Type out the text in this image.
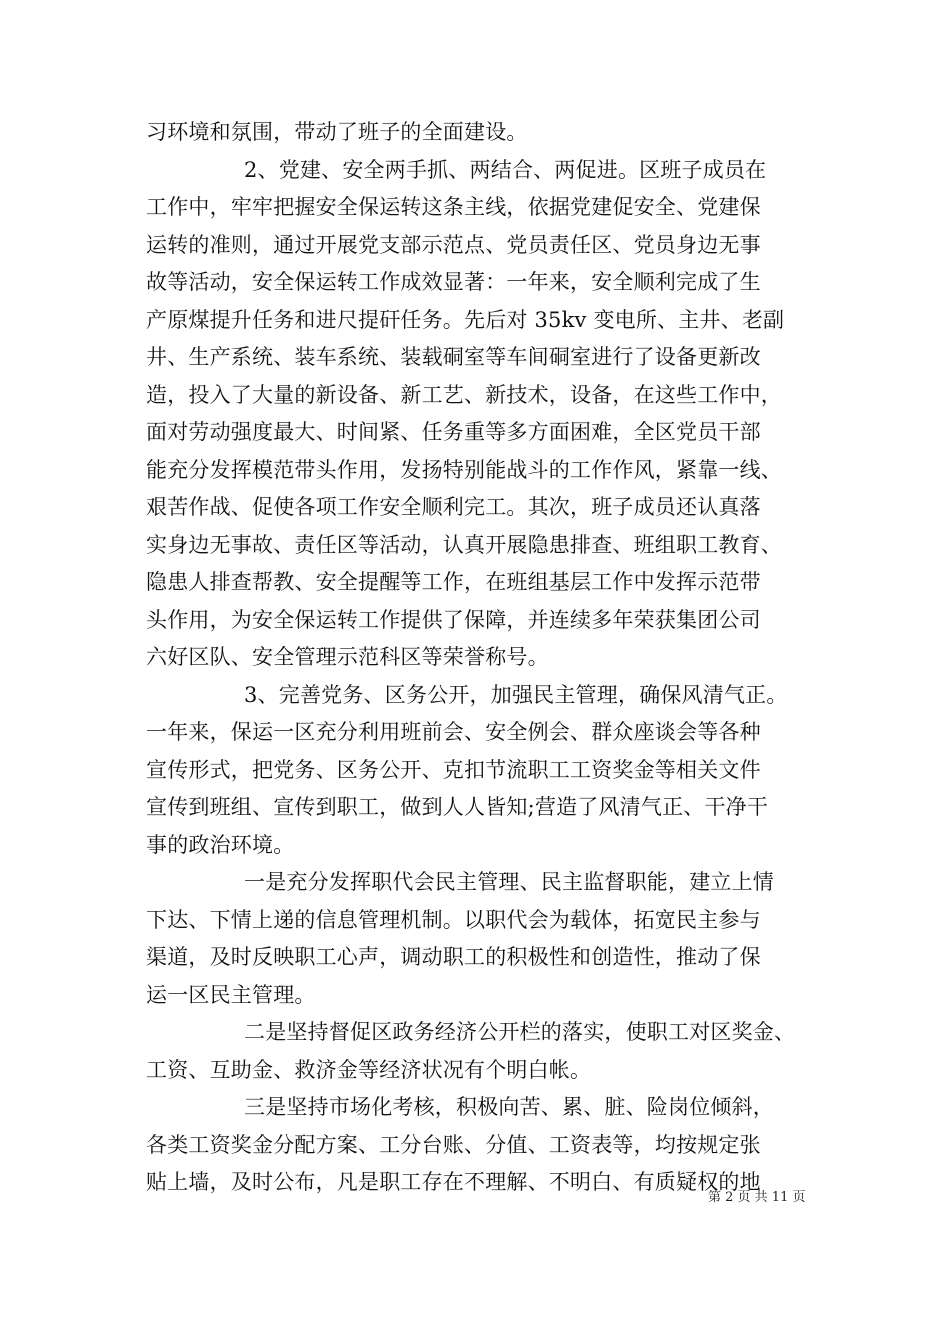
习环境和氛围，带动了班子的全面建设。
2、党建、安全两手抓、两结合、两促进。区班子成员在
工作中，牢牢把握安全保运转这条主线，依据党建促安全、党建保
运转的准则，通过开展党支部示范点、党员责任区、党员身边无事
故等活动，安全保运转工作成效显著：一年来，安全顺利完成了生
产原煤提升任务和进尺提矸任务。先后对 35kv 变电所、主井、老副
井、生产系统、装车系统、装载硐室等车间硐室进行了设备更新改
造，投入了大量的新设备、新工艺、新技术，设备，在这些工作中，
面对劳动强度最大、时间紧、任务重等多方面困难，全区党员干部
能充分发挥模范带头作用，发扬特别能战斗的工作作风，紧靠一线、
艰苦作战、促使各项工作安全顺利完工。其次，班子成员还认真落
实身边无事故、责任区等活动，认真开展隐患排查、班组职工教育、
隐患人排查帮教、安全提醒等工作，在班组基层工作中发挥示范带
头作用，为安全保运转工作提供了保障，并连续多年荣获集团公司
六好区队、安全管理示范科区等荣誉称号。
3、完善党务、区务公开，加强民主管理，确保风清气正。
一年来，保运一区充分利用班前会、安全例会、群众座谈会等各种
宣传形式，把党务、区务公开、克扣节流职工工资奖金等相关文件
宣传到班组、宣传到职工，做到人人皆知;营造了风清气正、干净干
事的政治环境。
一是充分发挥职代会民主管理、民主监督职能，建立上情
下达、下情上递的信息管理机制。以职代会为载体，拓宽民主参与
渠道，及时反映职工心声，调动职工的积极性和创造性，推动了保
运一区民主管理。
二是坚持督促区政务经济公开栏的落实，使职工对区奖金、
工资、互助金、救济金等经济状况有个明白帐。
三是坚持市场化考核，积极向苦、累、脏、险岗位倾斜，
各类工资奖金分配方案、工分台账、分值、工资表等，均按规定张
贴上墙，及时公布，凡是职工存在不理解、不明白、有质疑权的地
第 2 页 共 11 页
